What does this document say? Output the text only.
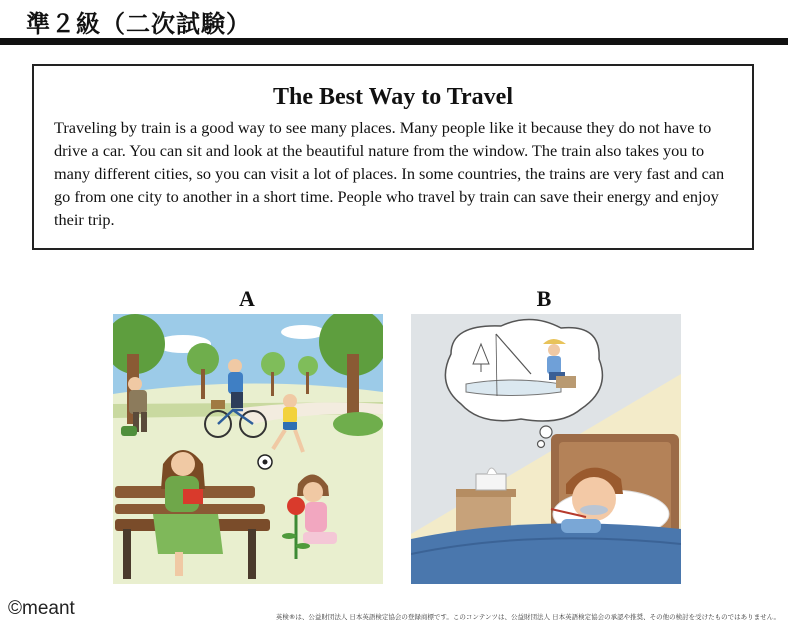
準２級（二次試験）
The Best Way to Travel

Traveling by train is a good way to see many places. Many people like it because they do not have to drive a car. You can sit and look at the beautiful nature from the window. The train also takes you to many different cities, so you can visit a lot of places. In some countries, the trains are very fast and can go from one city to another in a short time. People who travel by train can save their energy and enjoy their trip.

A	B
©meant	英検®は、公益財団法人 日本英語検定協会の登録商標です。このコンテンツは、公益財団法人 日本英語検定協会の承認や推奨、その他の検討を受けたものではありません。
